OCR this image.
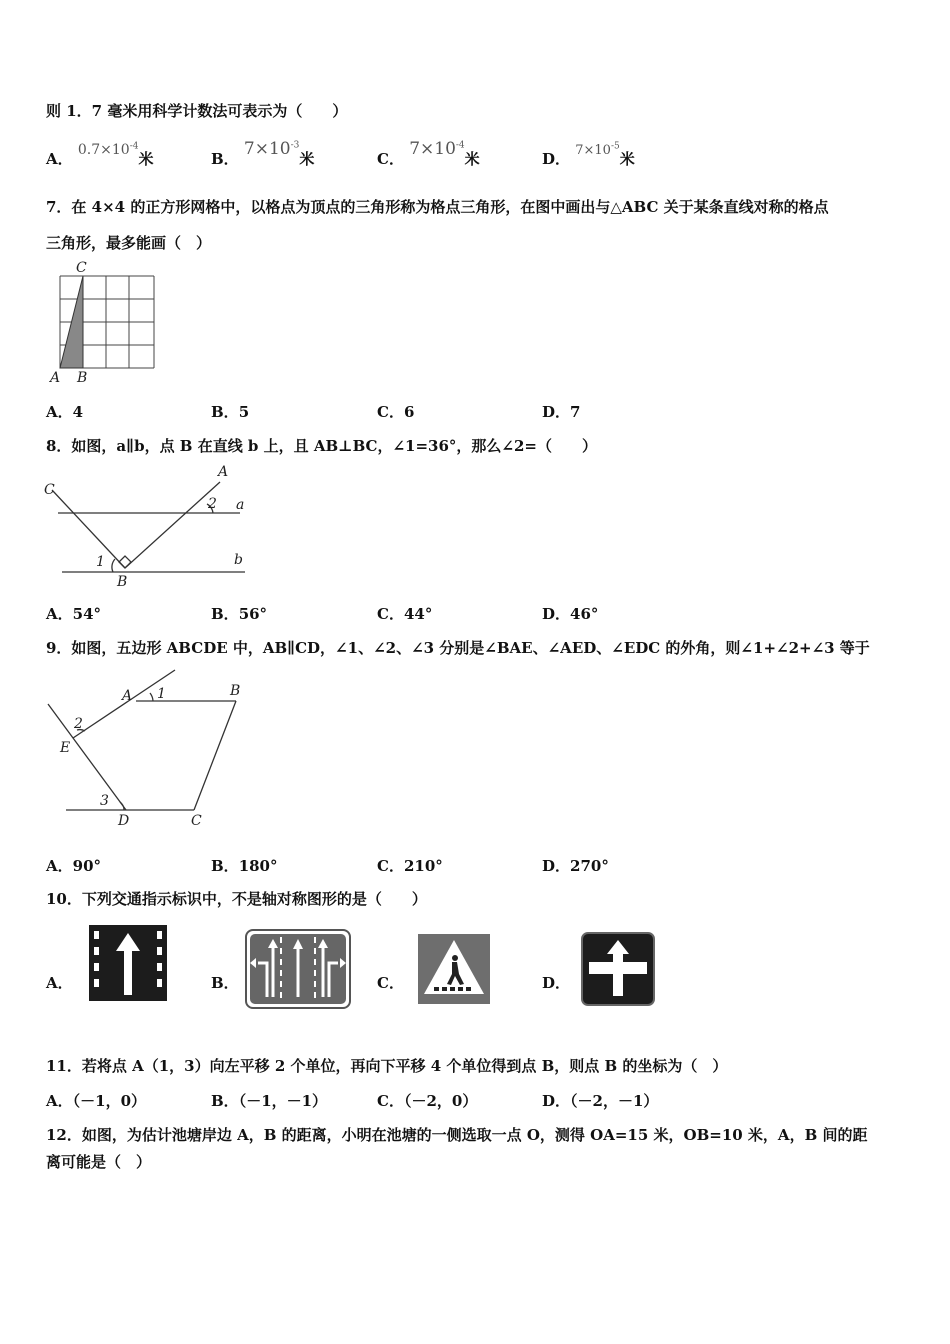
则 1．7 毫米用科学计数法可表示为（　　）
A． $0.7\times 10^{-4}$米	B． $7\times 10^{-3}$米	C． $7\times 10^{-4}$米	D． $7\times 10^{-5}$米
7．在 4×4 的正方形网格中，以格点为顶点的三角形称为格点三角形，在图中画出与△ABC 关于某条直线对称的格点
三角形，最多能画（　）
C
A B
A．4	B．5	C．6	D．7
8．如图，a∥b，点 B 在直线 b 上，且 AB⊥BC，∠1=36°，那么∠2=（　　）
C
A
B
a
b
1
2
A．54°	B．56°	C．44°	D．46°
9．如图，五边形 ABCDE 中，AB∥CD，∠1、∠2、∠3 分别是∠BAE、∠AED、∠EDC 的外角，则∠1+∠2+∠3 等于
A	B
C
D
E
1
2
3
A．90°	B．180°	C．210°	D．270°
10．下列交通指示标识中，不是轴对称图形的是（　　）
A．	B．	C．	D．
11．若将点 A（1，3）向左平移 2 个单位，再向下平移 4 个单位得到点 B，则点 B 的坐标为（　）
A．（－1，0）	B．（－1，－1）	C．（－2，0）	D．（－2，－1）
12．如图，为估计池塘岸边 A，B 的距离，小明在池塘的一侧选取一点 O，测得 OA=15 米，OB=10 米，A，B 间的距
离可能是（　）
